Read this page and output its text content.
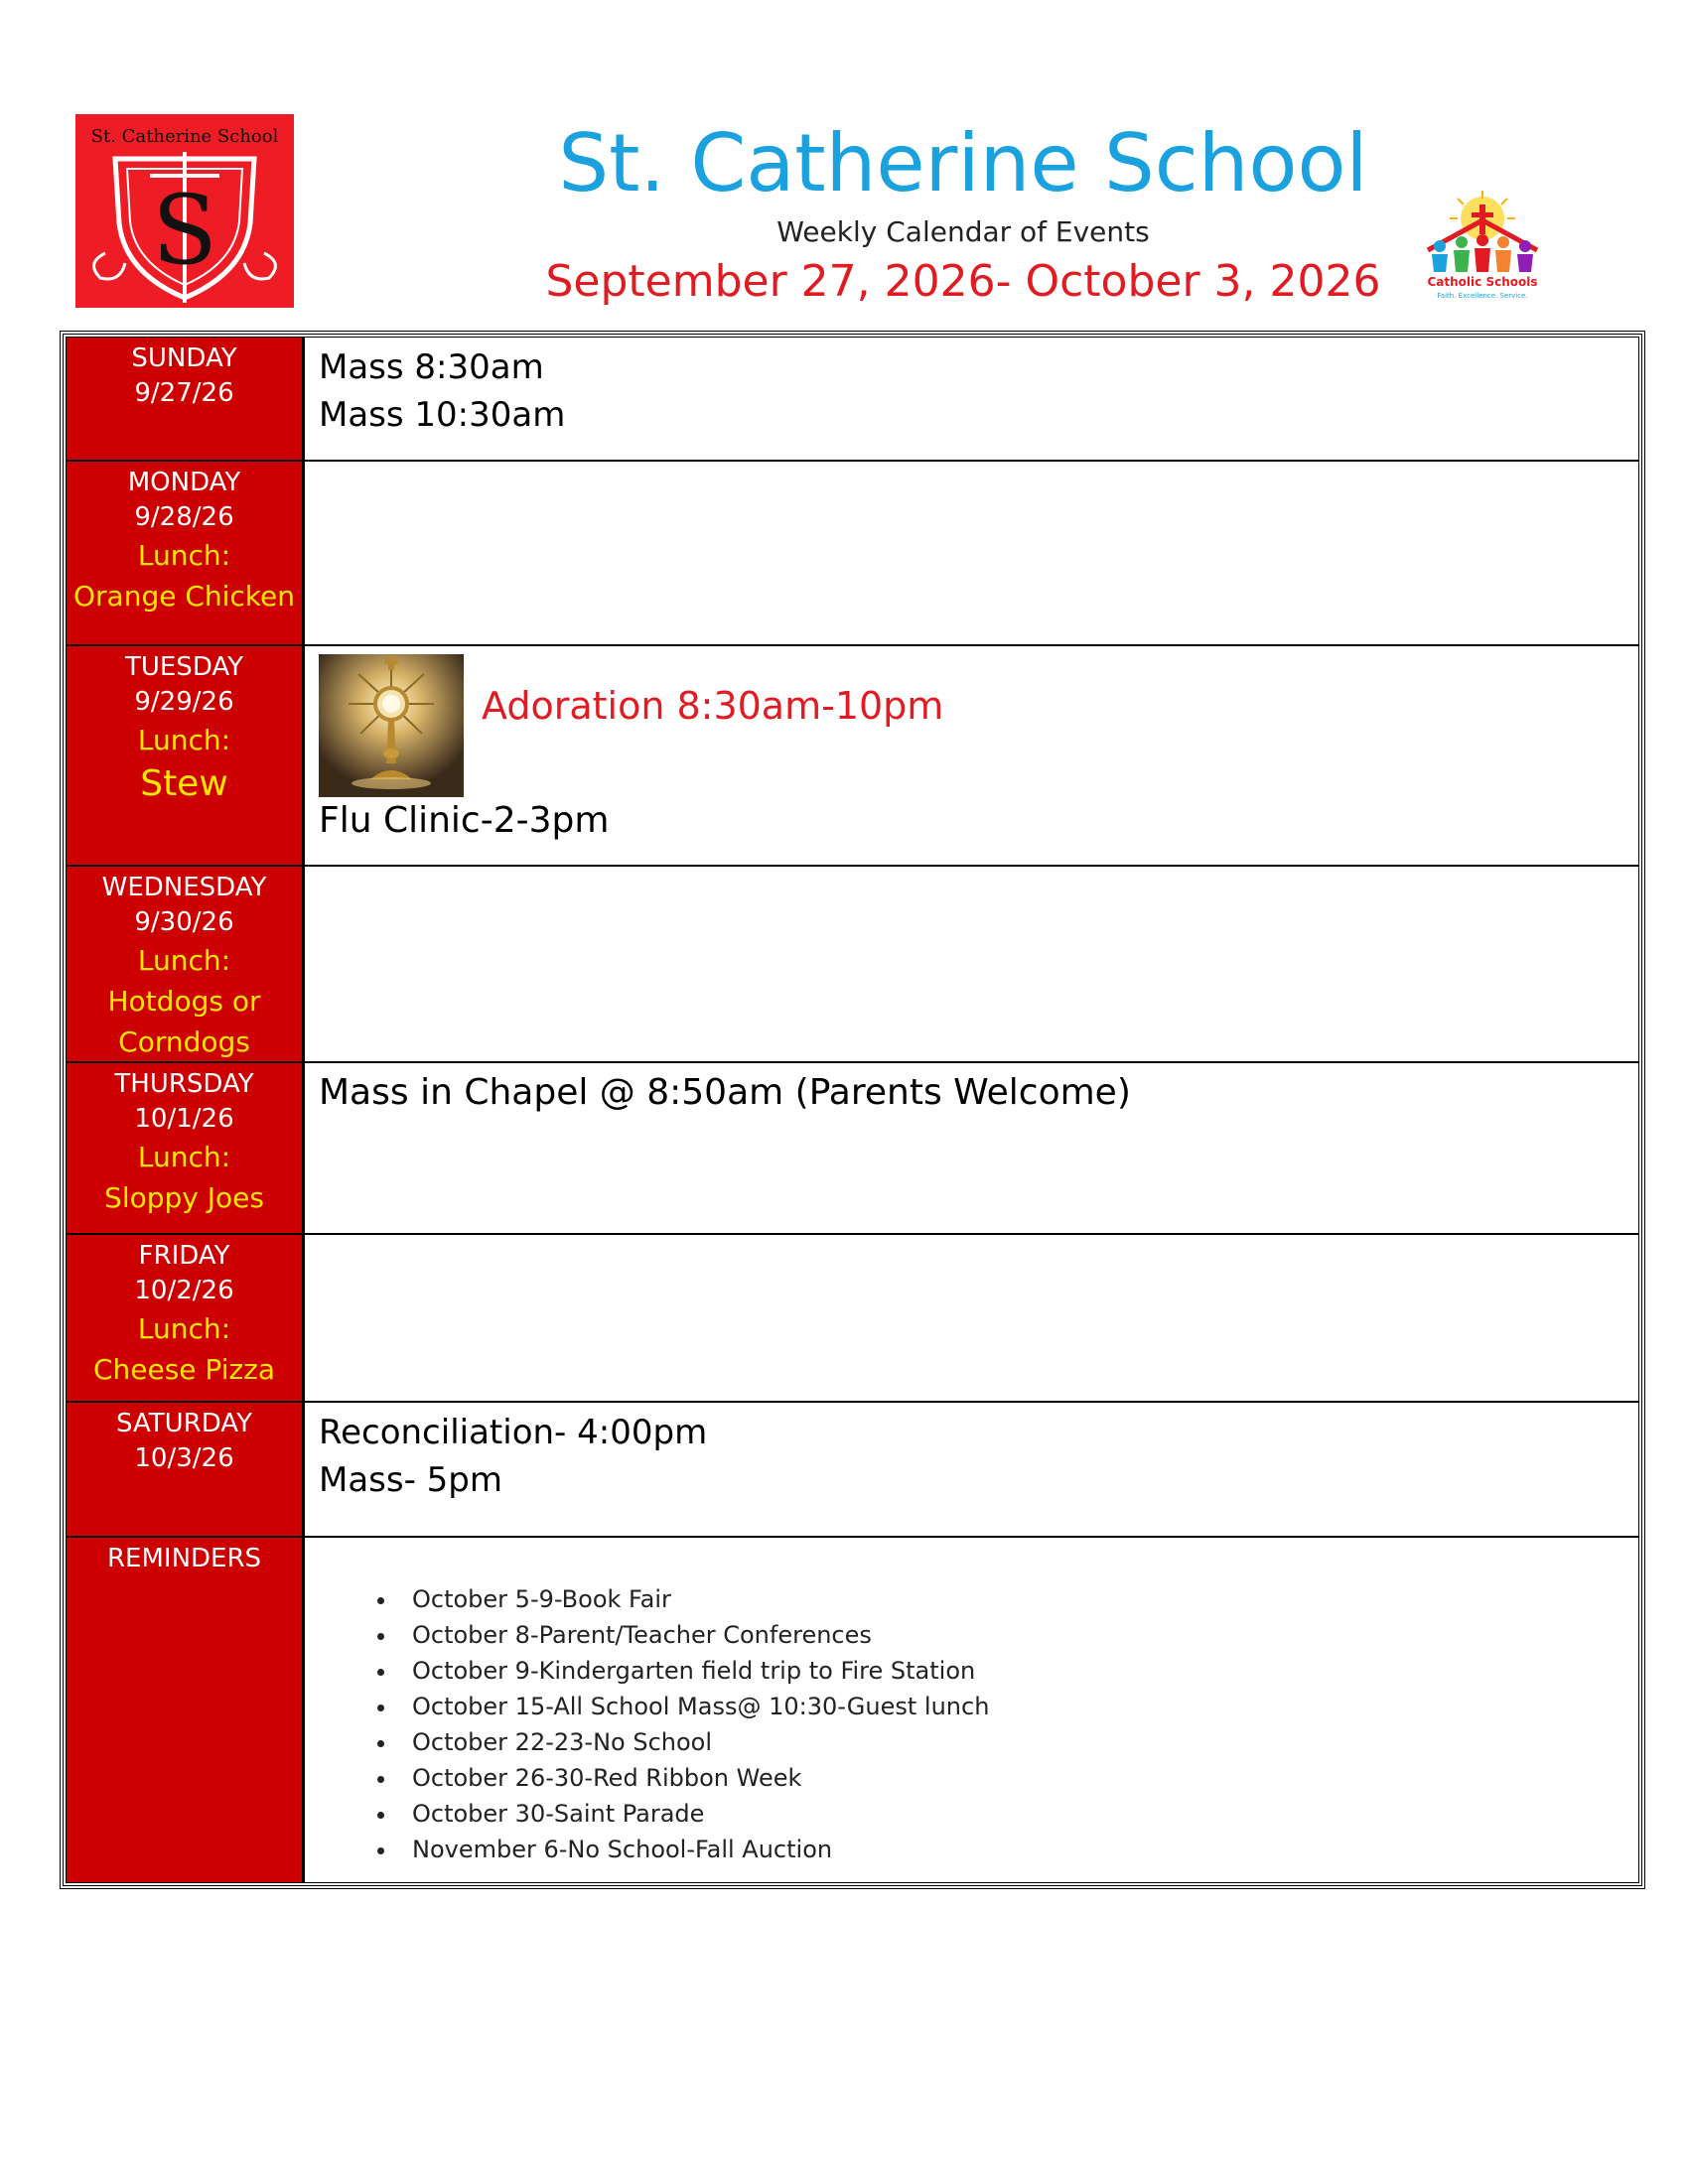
St. Catherine School
S
St. Catherine School
Weekly Calendar of Events
September 27, 2026- October 3, 2026	Catholic Schools
Faith. Excellence. Service.
SUNDAY
9/27/26
Mass 8:30am
Mass 10:30am
MONDAY
9/28/26
Lunch:
Orange Chicken
TUESDAY
9/29/26
Lunch:
Stew
Adoration 8:30am-10pm
Flu Clinic-2-3pm
WEDNESDAY
9/30/26
Lunch:
Hotdogs or
Corndogs
THURSDAY
10/1/26
Lunch:
Sloppy Joes
Mass in Chapel @ 8:50am (Parents Welcome)
FRIDAY
10/2/26
Lunch:
Cheese Pizza
SATURDAY
10/3/26
Reconciliation- 4:00pm
Mass- 5pm
REMINDERS
• October 5-9-Book Fair
• October 8-Parent/Teacher Conferences
• October 9-Kindergarten field trip to Fire Station
• October 15-All School Mass@ 10:30-Guest lunch
• October 22-23-No School
• October 26-30-Red Ribbon Week
• October 30-Saint Parade
• November 6-No School-Fall Auction
